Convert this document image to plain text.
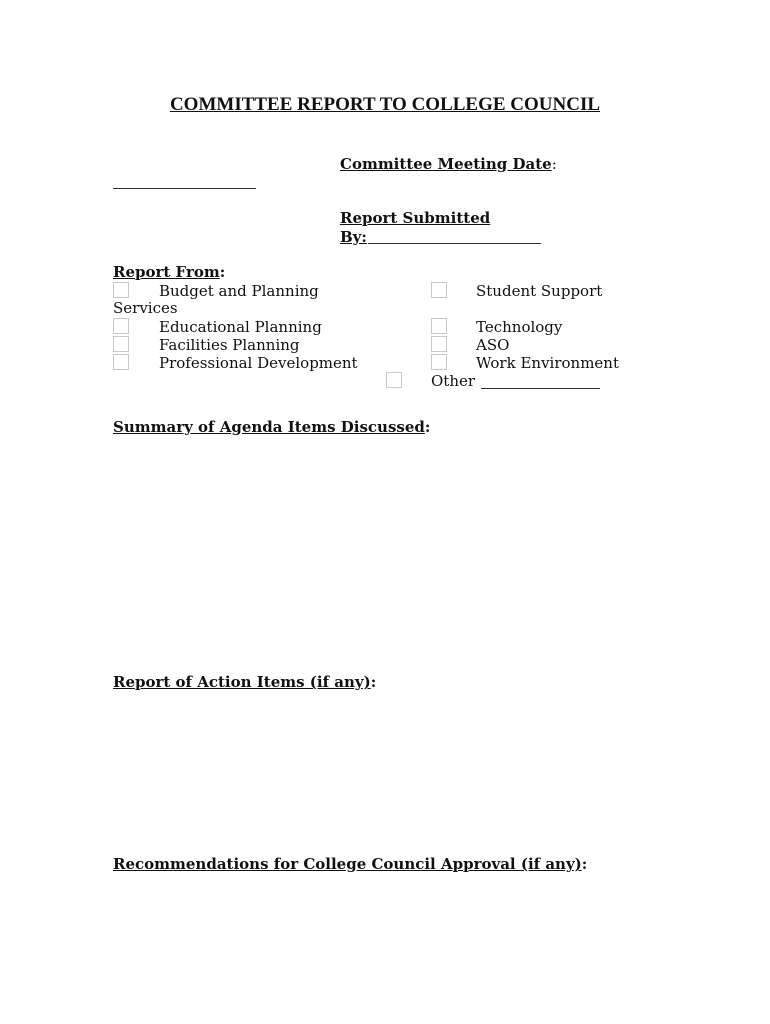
COMMITTEE REPORT TO COLLEGE COUNCIL
Committee Meeting Date:
Report Submitted
By:
Report From:
Budget and Planning
Services
Educational Planning
Facilities Planning
Professional Development
Student Support
Technology
ASO
Work Environment
Other
Summary of Agenda Items Discussed:
Report of Action Items (if any):
Recommendations for College Council Approval (if any):
